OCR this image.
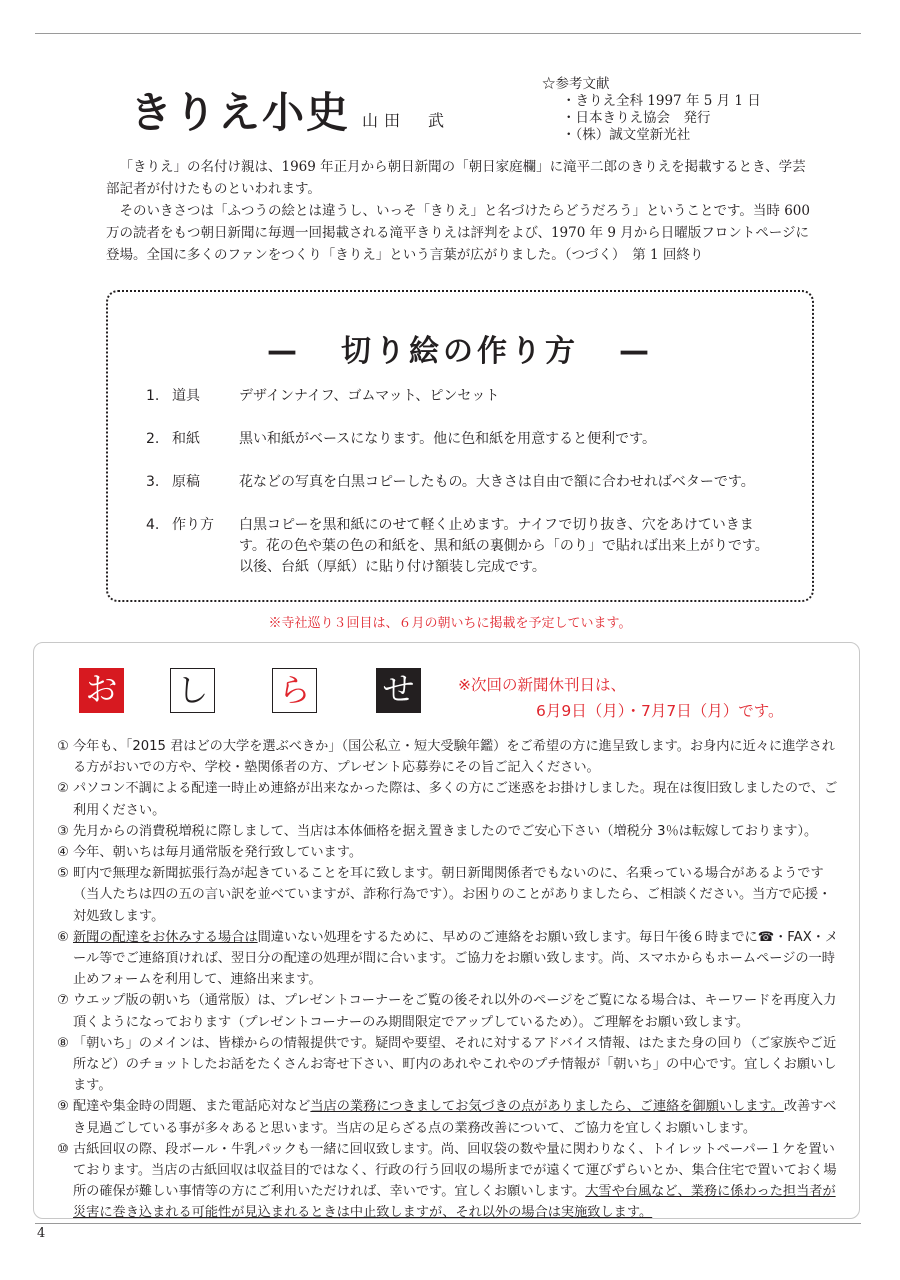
きりえ小史 山田　武
☆参考文献
・きりえ全科 1997 年 5 月 1 日
・日本きりえ協会　発行
・（株）誠文堂新光社

「きりえ」の名付け親は、1969 年正月から朝日新聞の「朝日家庭欄」に滝平二郎のきりえを掲載するとき、学芸部記者が付けたものといわれます。

そのいきさつは「ふつうの絵とは違うし、いっそ「きりえ」と名づけたらどうだろう」ということです。当時 600 万の読者をもつ朝日新聞に毎週一回掲載される滝平きりえは評判をよび、1970 年 9 月から日曜版フロントページに登場。全国に多くのファンをつくり「きりえ」という言葉が広がりました。（つづく）　第 1 回終り

— 切り絵の作り方 —
1. 道具	デザインナイフ、ゴムマット、ピンセット
2. 和紙	黒い和紙がベースになります。他に色和紙を用意すると便利です。
3. 原稿	花などの写真を白黒コピーしたもの。大きさは自由で額に合わせればベターです。
4. 作り方	白黒コピーを黒和紙にのせて軽く止めます。ナイフで切り抜き、穴をあけていきます。花の色や葉の色の和紙を、黒和紙の裏側から「のり」で貼れば出来上がりです。以後、台紙（厚紙）に貼り付け額装し完成です。
※寺社巡り３回目は、６月の朝いちに掲載を予定しています。
お し ら せ	※次回の新聞休刊日は、
6月9日（月）・7月7日（月）です。
① 今年も、「2015 君はどの大学を選ぶべきか」（国公私立・短大受験年鑑）をご希望の方に進呈致します。お身内に近々に進学される方がおいでの方や、学校・塾関係者の方、プレゼント応募券にその旨ご記入ください。
② パソコン不調による配達一時止め連絡が出来なかった際は、多くの方にご迷惑をお掛けしました。現在は復旧致しましたので、ご利用ください。
③ 先月からの消費税増税に際しまして、当店は本体価格を据え置きましたのでご安心下さい（増税分 3％は転嫁しております）。
④ 今年、朝いちは毎月通常版を発行致しています。
⑤ 町内で無理な新聞拡張行為が起きていることを耳に致します。朝日新聞関係者でもないのに、名乗っている場合があるようです（当人たちは四の五の言い訳を並べていますが、詐称行為です）。お困りのことがありましたら、ご相談ください。当方で応援・対処致します。
⑥ 新聞の配達をお休みする場合は間違いない処理をするために、早めのご連絡をお願い致します。毎日午後６時までに☎・FAX・メール等でご連絡頂ければ、翌日分の配達の処理が間に合います。ご協力をお願い致します。尚、スマホからもホームページの一時止めフォームを利用して、連絡出来ます。
⑦ ウエップ版の朝いち（通常版）は、プレゼントコーナーをご覧の後それ以外のページをご覧になる場合は、キーワードを再度入力頂くようになっております（プレゼントコーナーのみ期間限定でアップしているため）。ご理解をお願い致します。
⑧ 「朝いち」のメインは、皆様からの情報提供です。疑問や要望、それに対するアドバイス情報、はたまた身の回り（ご家族やご近所など）のチョットしたお話をたくさんお寄せ下さい、町内のあれやこれやのプチ情報が「朝いち」の中心です。宜しくお願いします。
⑨ 配達や集金時の問題、また電話応対など当店の業務につきましてお気づきの点がありましたら、ご連絡を御願いします。改善すべき見過ごしている事が多々あると思います。当店の足らざる点の業務改善について、ご協力を宜しくお願いします。
⑩ 古紙回収の際、段ボール・牛乳パックも一緒に回収致します。尚、回収袋の数や量に関わりなく、トイレットペーパー１ケを置いております。当店の古紙回収は収益目的ではなく、行政の行う回収の場所までが遠くて運びずらいとか、集合住宅で置いておく場所の確保が難しい事情等の方にご利用いただければ、幸いです。宜しくお願いします。大雪や台風など、業務に係わった担当者が災害に巻き込まれる可能性が見込まれるときは中止致しますが、それ以外の場合は実施致します。
4
